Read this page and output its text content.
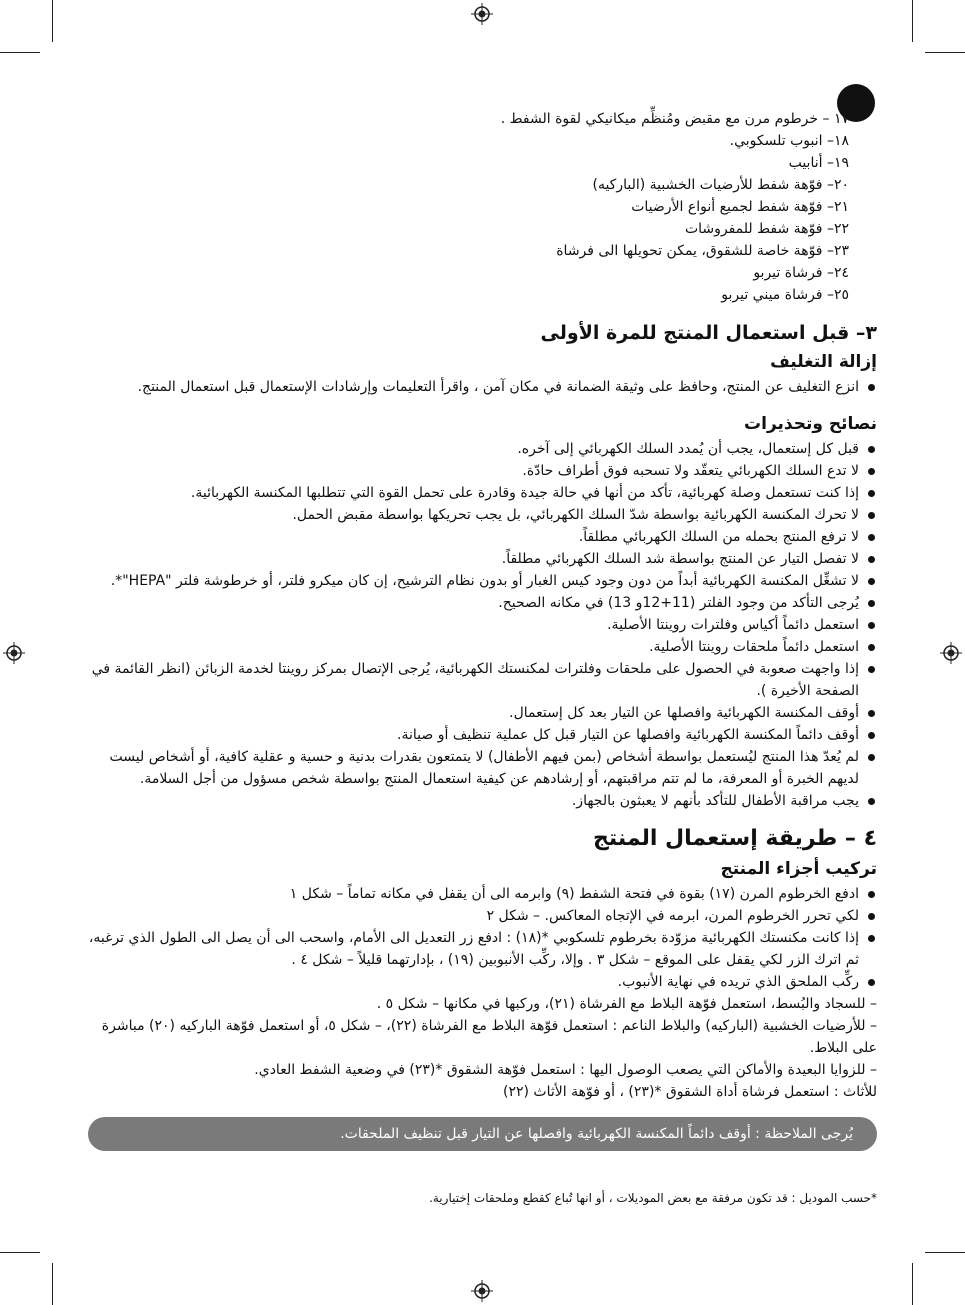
١٧ – خرطوم مرن مع مقبض ومُنظِّم ميكانيكي لقوة الشفط .
١٨– انبوب تلسكوبي.
١٩– أنابيب
٢٠– فوّهة شفط للأرضيات الخشبية (الباركيه)
٢١– فوّهة شفط لجميع أنواع الأرضيات
٢٢– فوّهة شفط للمفروشات
٢٣– فوّهة خاصة للشقوق، يمكن تحويلها الى فرشاة
٢٤– فرشاة تيربو
٢٥– فرشاة ميني تيربو
٣– قبل استعمال المنتج للمرة الأولى
إزالة التغليف
انزع التغليف عن المنتج، وحافظ على وثيقة الضمانة في مكان آمن ، واقرأ التعليمات وإرشادات الإستعمال قبل استعمال المنتج.
نصائح وتحذيرات
قبل كل إستعمال، يجب أن يُمدد السلك الكهربائي إلى آخره.
لا تدع السلك الكهربائي يتعقّد ولا تسحبه فوق أطراف حادّة.
إذا كنت تستعمل وصلة كهربائية، تأكد من أنها في حالة جيدة وقادرة على تحمل القوة التي تتطلبها المكنسة الكهربائية.
لا تحرك المكنسة الكهربائية بواسطة شدّ السلك الكهربائي، بل يجب تحريكها بواسطة مقبض الحمل.
لا ترفع المنتج بحمله من السلك الكهربائي مطلقاً.
لا تفصل التيار عن المنتج بواسطة شد السلك الكهربائي مطلقاً.
لا تشغِّل المكنسة الكهربائية أبداً من دون وجود كيس الغبار أو بدون نظام الترشيح، إن كان ميكرو فلتر، أو خرطوشة فلتر "HEPA"*.
يُرجى التأكد من وجود الفلتر (11+12و 13) في مكانه الصحيح.
استعمل دائماً أكياس وفلترات روينتا الأصلية.
استعمل دائماً ملحقات روينتا الأصلية.
إذا واجهت صعوبة في الحصول على ملحقات وفلترات لمكنستك الكهربائية، يُرجى الإتصال بمركز روينتا لخدمة الزبائن (انظر القائمة في الصفحة الأخيرة ).
أوقف المكنسة الكهربائية وافصلها عن التيار بعد كل إستعمال.
أوقف دائماً المكنسة الكهربائية وافصلها عن التيار قبل كل عملية تنظيف أو صيانة.
لم يُعدّ هذا المنتج ليُستعمل بواسطة أشخاص (بمن فيهم الأطفال) لا يتمتعون بقدرات بدنية و حسية و عقلية كافية، أو أشخاص ليست لديهم الخبرة أو المعرفة، ما لم تتم مراقبتهم، أو إرشادهم عن كيفية استعمال المنتج بواسطة شخص مسؤول من أجل السلامة.
يجب مراقبة الأطفال للتأكد بأنهم لا يعبثون بالجهاز.
٤ – طريقة إستعمال المنتج
تركيب أجزاء المنتج
ادفع الخرطوم المرن (١٧) بقوة في فتحة الشفط (٩) وابرمه الى أن يقفل في مكانه تماماً – شكل ١
لكي تحرر الخرطوم المرن، ابرمه في الإتجاه المعاكس. – شكل ٢
إذا كانت مكنستك الكهربائية مزوّدة بخرطوم تلسكوبي *(١٨) : ادفع زر التعديل الى الأمام، واسحب الى أن يصل الى الطول الذي ترغبه، ثم اترك الزر لكي يقفل على الموقع – شكل ٣ . وإلا، ركِّب الأنبوبين (١٩) ، بإدارتهما قليلاً – شكل ٤ .
ركِّب الملحق الذي تريده في نهاية الأنبوب.
– للسجاد والبُسط، استعمل فوّهة البلاط مع الفرشاة (٢١)، وركبها في مكانها – شكل ٥ .
– للأرضيات الخشبية (الباركيه) والبلاط الناعم : استعمل فوّهة البلاط مع الفرشاة (٢٢)، – شكل ٥، أو استعمل فوّهة الباركيه (٢٠) مباشرة على البلاط.
– للزوايا البعيدة والأماكن التي يصعب الوصول اليها : استعمل فوّهة الشقوق *(٢٣) في وضعية الشفط العادي.
للأثاث : استعمل فرشاة أداة الشقوق *(٢٣) ، أو فوّهة الأثاث (٢٢)
يُرجى الملاحظة : أوقف دائماً المكنسة الكهربائية وافصلها عن التيار قبل تنظيف الملحقات.
*حسب الموديل : قد تكون مرفقة مع بعض الموديلات ، أو انها تُباع كقطع وملحقات إختيارية.
